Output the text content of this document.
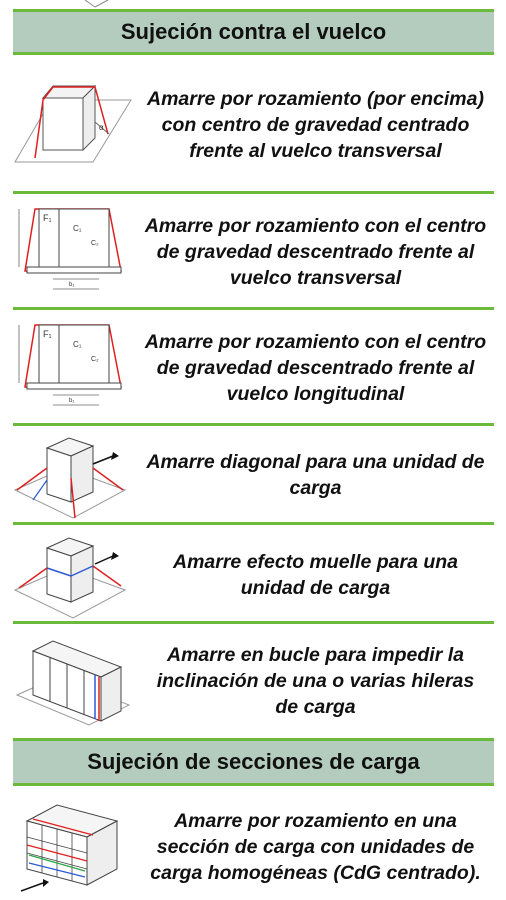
Sujeción contra el vuelco
α
Amarre por rozamiento (por encima) con centro de gravedad centrado frente al vuelco transversal
F₁
C₁
C₂
b₁
Amarre por rozamiento con el centro de gravedad descentrado frente al vuelco transversal
F₁
C₁
C₂
b₁
Amarre por rozamiento con el centro de gravedad descentrado frente al vuelco longitudinal
Amarre diagonal para una unidad de carga
Amarre efecto muelle para una unidad de carga
Amarre en bucle para impedir la inclinación de una o varias hileras de carga
Sujeción de secciones de carga
Amarre por rozamiento en una sección de carga con unidades de carga homogéneas (CdG centrado).
